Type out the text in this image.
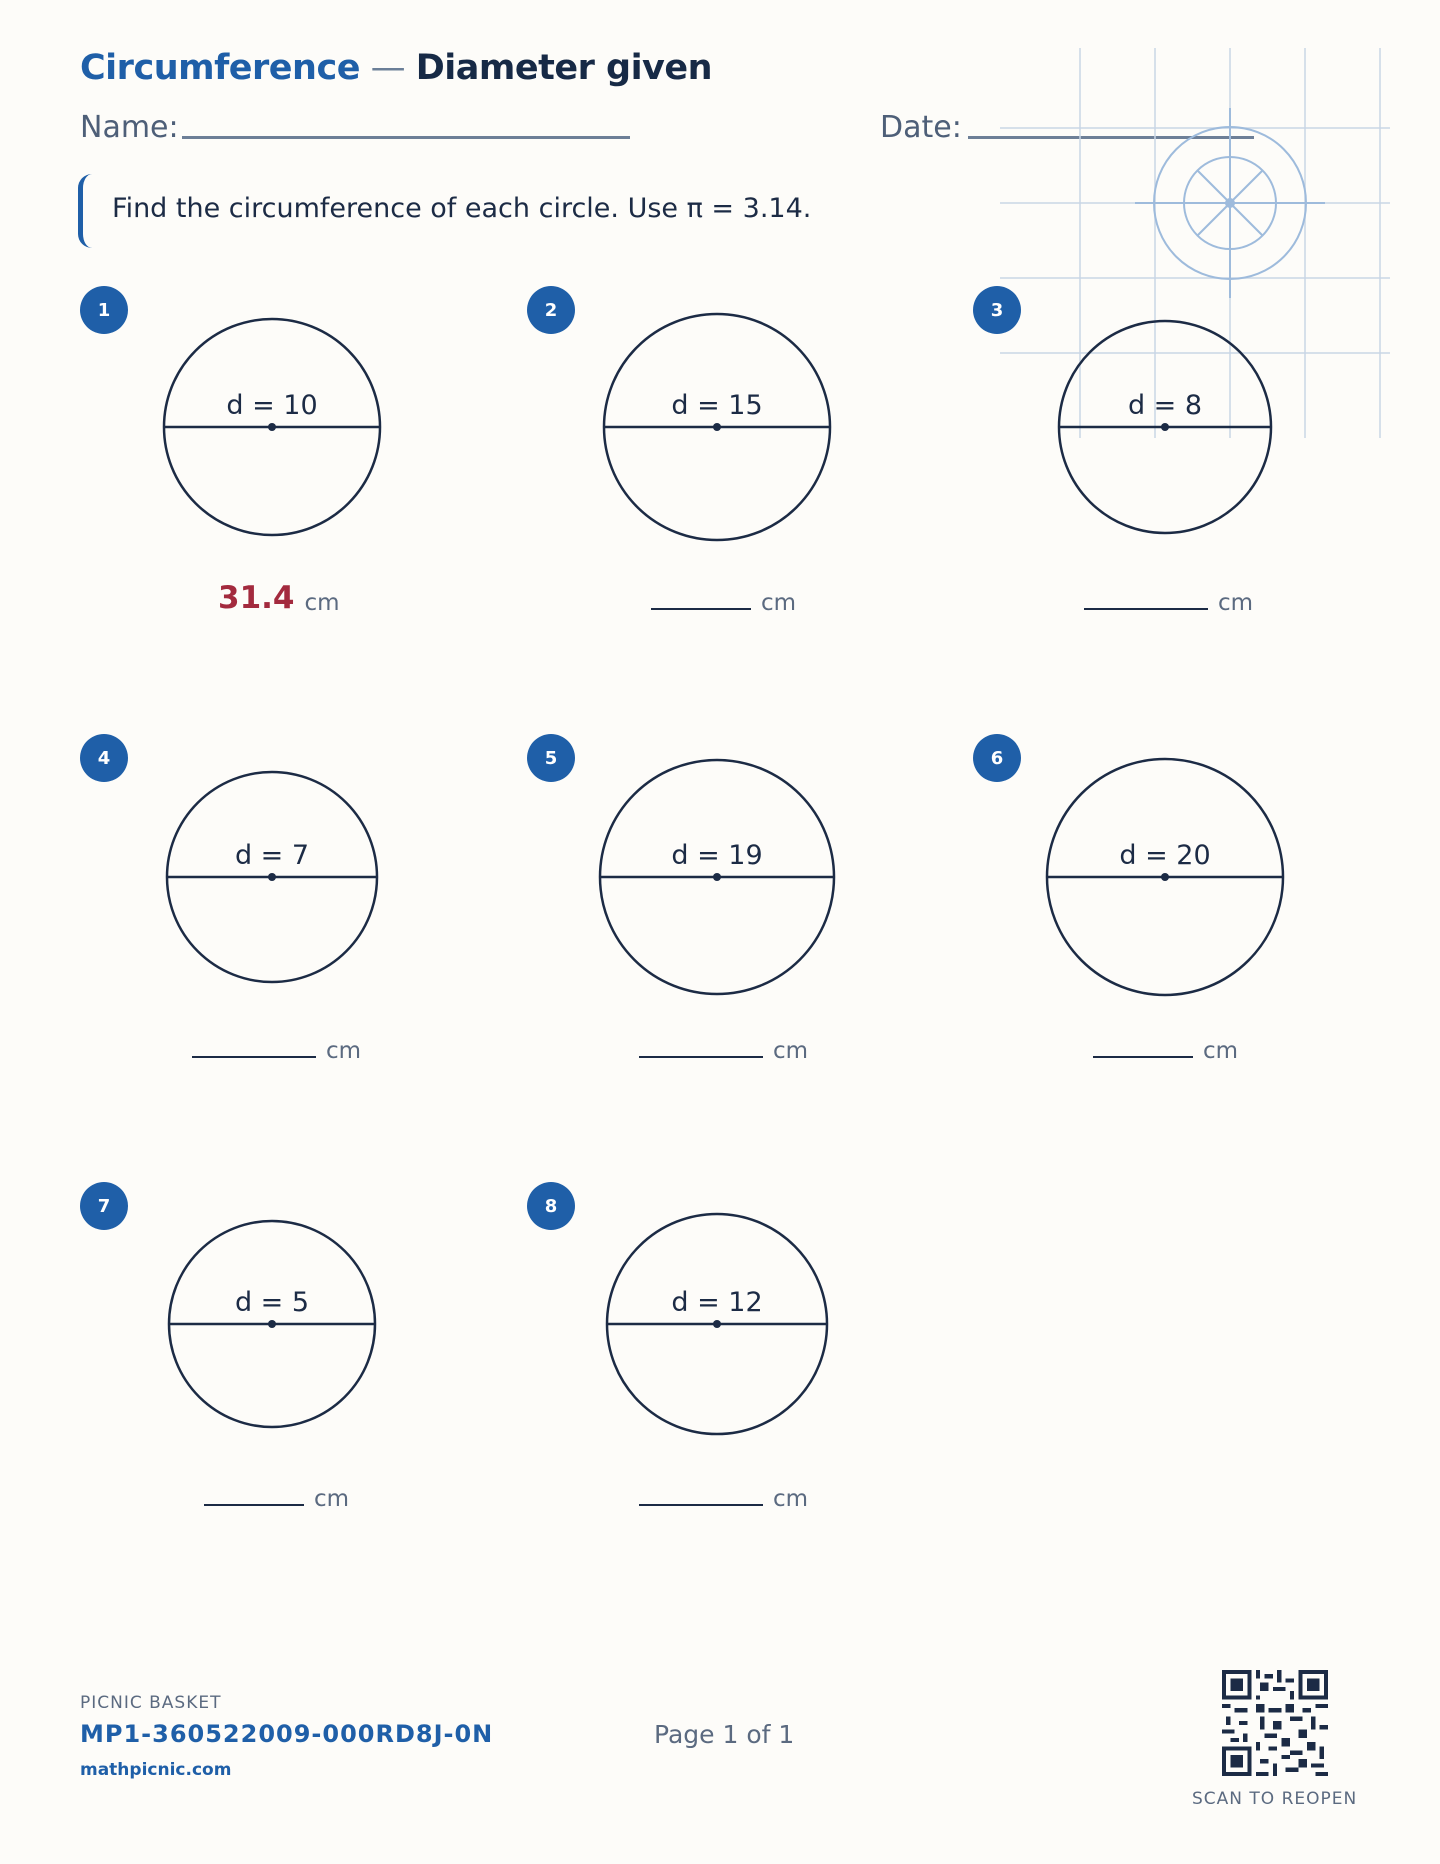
Circumference — Diameter given
Name:	Date:
Find the circumference of each circle. Use π = 3.14.
1
d = 10
31.4 cm
2
d = 15
cm
3
d = 8
cm
4
d = 7
cm
5
d = 19
cm
6
d = 20
cm
7
d = 5
cm
8
d = 12
cm
PICNIC BASKET
MP1-360522009-000RD8J-0N
mathpicnic.com
Page 1 of 1
SCAN TO REOPEN
